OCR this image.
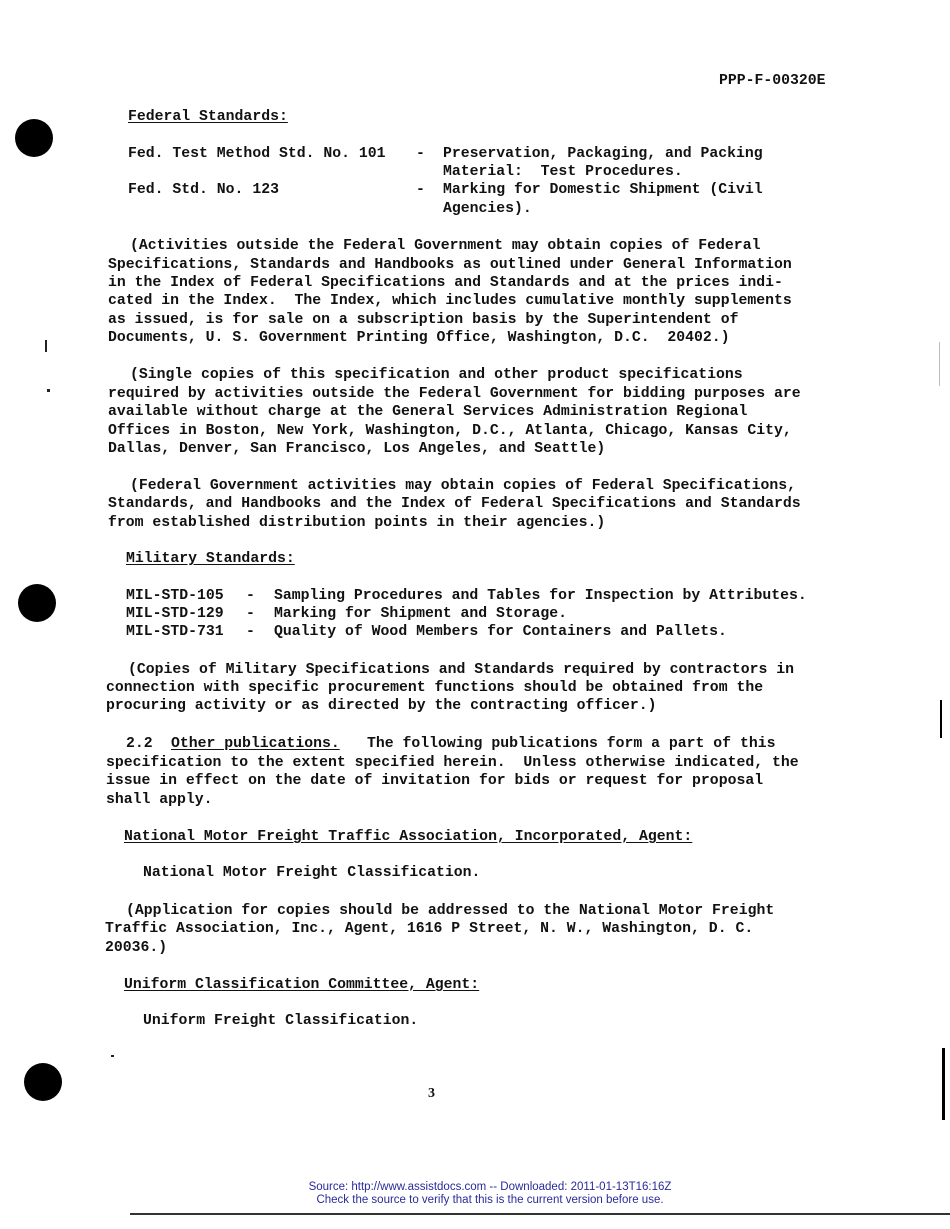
PPP-F-00320E
Federal Standards:
Fed. Test Method Std. No. 101 - Preservation, Packaging, and Packing
Material:  Test Procedures.
Fed. Std. No. 123	- Marking for Domestic Shipment (Civil
Agencies).
(Activities outside the Federal Government may obtain copies of Federal
Specifications, Standards and Handbooks as outlined under General Information
in the Index of Federal Specifications and Standards and at the prices indi-
cated in the Index.  The Index, which includes cumulative monthly supplements
as issued, is for sale on a subscription basis by the Superintendent of
Documents, U. S. Government Printing Office, Washington, D.C.  20402.)
(Single copies of this specification and other product specifications
required by activities outside the Federal Government for bidding purposes are
available without charge at the General Services Administration Regional
Offices in Boston, New York, Washington, D.C., Atlanta, Chicago, Kansas City,
Dallas, Denver, San Francisco, Los Angeles, and Seattle)
(Federal Government activities may obtain copies of Federal Specifications,
Standards, and Handbooks and the Index of Federal Specifications and Standards
from established distribution points in their agencies.)
Military Standards:
MIL-STD-105 - Sampling Procedures and Tables for Inspection by Attributes.
MIL-STD-129 - Marking for Shipment and Storage.
MIL-STD-731 - Quality of Wood Members for Containers and Pallets.
(Copies of Military Specifications and Standards required by contractors in
connection with specific procurement functions should be obtained from the
procuring activity or as directed by the contracting officer.)
2.2 Other publications. The following publications form a part of this
specification to the extent specified herein.  Unless otherwise indicated, the
issue in effect on the date of invitation for bids or request for proposal
shall apply.
National Motor Freight Traffic Association, Incorporated, Agent:
National Motor Freight Classification.
(Application for copies should be addressed to the National Motor Freight
Traffic Association, Inc., Agent, 1616 P Street, N. W., Washington, D. C.
20036.)
Uniform Classification Committee, Agent:
Uniform Freight Classification.
3
Source: http://www.assistdocs.com -- Downloaded: 2011-01-13T16:16Z
Check the source to verify that this is the current version before use.
